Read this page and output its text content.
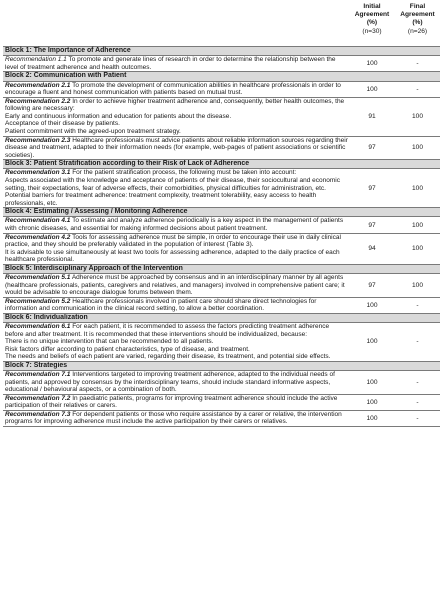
Initial
Agreement
(%)
(n=30)
Final
Agreement
(%)
(n=26)
Block 1: The Importance of Adherence

Recommendation 1.1 To promote and generate lines of research in order to determine the relationship between the level of treatment adherence and health outcomes.	100	-
Block 2: Communication with Patient

Recommendation 2.1 To promote the development of communication abilities in healthcare professionals in order to encourage a fluent and honest communication with patients based on mutual trust.	100	-

Recommendation 2.2 In order to achieve higher treatment adherence and, consequently, better health outcomes, the following are necessary:

Early and continuous information and education for patients about the disease.

Acceptance of their disease by patients.

Patient commitment with the agreed-upon treatment strategy.

91	100

Recommendation 2.3 Healthcare professionals must advice patients about reliable information sources regarding their disease and treatment, adapted to their information needs (for example, web-pages of patient associations or scientific societies).

97	100
Block 3: Patient Stratification according to their Risk of Lack of Adherence

Recommendation 3.1 For the patient stratification process, the following must be taken into account:

Aspects associated with the knowledge and acceptance of patients of their disease, their sociocultural and economic setting, their expectations, fear of adverse effects, their comorbidities, physical difficulties for administration, etc.

Potential barriers for treatment adherence: treatment complexity, treatment tolerability, easy access to health professionals, etc.

97	100
Block 4: Estimating / Assessing / Monitoring Adherence

Recommendation 4.1 To estimate and analyze adherence periodically is a key aspect in the management of patients with chronic diseases, and essential for making informed decisions about patient treatment.	97	100

Recommendation 4.2 Tools for assessing adherence must be simple, in order to encourage their use in daily clinical practice, and they should be preferably validated in the population of interest (Table 3).

It is advisable to use simultaneously at least two tools for assessing adherence, adapted to the daily practice of each healthcare professional.

94	100
Block 5: Interdisciplinary Approach of the Intervention

Recommendation 5.1 Adherence must be approached by consensus and in an interdisciplinary manner by all agents (healthcare professionals, patients, caregivers and relatives, and managers) involved in comprehensive patient care; it would be advisable to encourage dialogue forums between them.

97	100

Recommendation 5.2 Healthcare professionals involved in patient care should share direct technologies for information and communication in the clinical record setting, to allow a better coordination.	100	-
Block 6: Individualization

Recommendation 6.1 For each patient, it is recommended to assess the factors predicting treatment adherence before and after treatment. It is recommended that these interventions should be individualized, because:

There is no unique intervention that can be recommended to all patients.

Risk factors differ according to patient characteristics, type of disease, and treatment.

The needs and beliefs of each patient are varied, regarding their disease, its treatment, and potential side effects.

100	-
Block 7: Strategies

Recommendation 7.1 Interventions targeted to improving treatment adherence, adapted to the individual needs of patients, and approved by consensus by the interdisciplinary teams, should include standard informative aspects, educational / behavioural aspects, or a combination of both.

100	-

Recommendation 7.2 In paediatric patients, programs for improving treatment adherence should include the active participation of their relatives or carers.	100	-

Recommendation 7.3 For dependent patients or those who require assistance by a carer or relative, the intervention programs for improving adherence must include the active participation by their carers or relatives.	100	-
